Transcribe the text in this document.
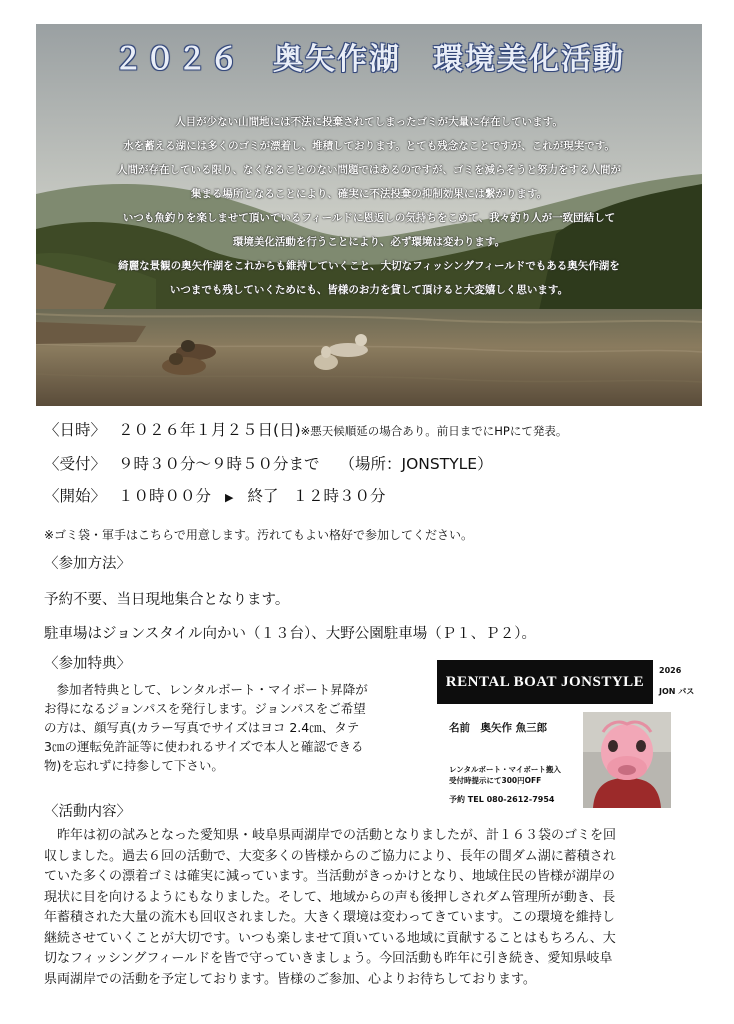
２０２６　奥矢作湖　環境美化活動

人目が少ない山間地には不法に投棄されてしまったゴミが大量に存在しています。

水を蓄える湖には多くのゴミが漂着し、堆積しております。とても残念なことですが、これが現実です。

人間が存在している限り、なくなることのない問題ではあるのですが、ゴミを減らそうと努力をする人間が

集まる場所となることにより、確実に不法投棄の抑制効果には繋がります。

いつも魚釣りを楽しませて頂いているフィールドに恩返しの気持ちをこめて、我々釣り人が一致団結して

環境美化活動を行うことにより、必ず環境は変わります。

綺麗な景観の奥矢作湖をこれからも維持していくこと、大切なフィッシングフィールドでもある奥矢作湖を

いつまでも残していくためにも、皆様のお力を貸して頂けると大変嬉しく思います。

〈日時〉 ２０２６年１月２５日(日) ※悪天候順延の場合あり。前日までにHPにて発表。
〈受付〉 ９時３０分～９時５０分まで （場所：JONSTYLE）
〈開始〉 １０時００分 ▶ 終了 １２時３０分
※ゴミ袋・軍手はこちらで用意します。汚れてもよい格好で参加してください。
〈参加方法〉
予約不要、当日現地集合となります。
駐車場はジョンスタイル向かい（１３台）、大野公園駐車場（Ｐ１、Ｐ２）。
〈参加特典〉

　参加者特典として、レンタルボート・マイボート昇降が

お得になるジョンパスを発行します。ジョンパスをご希望

の方は、顔写真(カラー写真でサイズはヨコ 2.4㎝、タテ

3㎝の運転免許証等に使われるサイズで本人と確認できる

物)を忘れずに持参して下さい。

RENTAL BOAT JONSTYLE
2026
JON パス
名前　奥矢作 魚三郎
レンタルボート・マイボート搬入
受付時提示にて300円OFF
予約 TEL 080-2612-7954
〈活動内容〉

　昨年は初の試みとなった愛知県・岐阜県両湖岸での活動となりましたが、計１６３袋のゴミを回

収しました。過去６回の活動で、大変多くの皆様からのご協力により、長年の間ダム湖に蓄積され

ていた多くの漂着ゴミは確実に減っています。当活動がきっかけとなり、地域住民の皆様が湖岸の

現状に目を向けるようにもなりました。そして、地域からの声も後押しされダム管理所が動き、長

年蓄積された大量の流木も回収されました。大きく環境は変わってきています。この環境を維持し

継続させていくことが大切です。いつも楽しませて頂いている地域に貢献することはもちろん、大

切なフィッシングフィールドを皆で守っていきましょう。今回活動も昨年に引き続き、愛知県岐阜

県両湖岸での活動を予定しております。皆様のご参加、心よりお待ちしております。
